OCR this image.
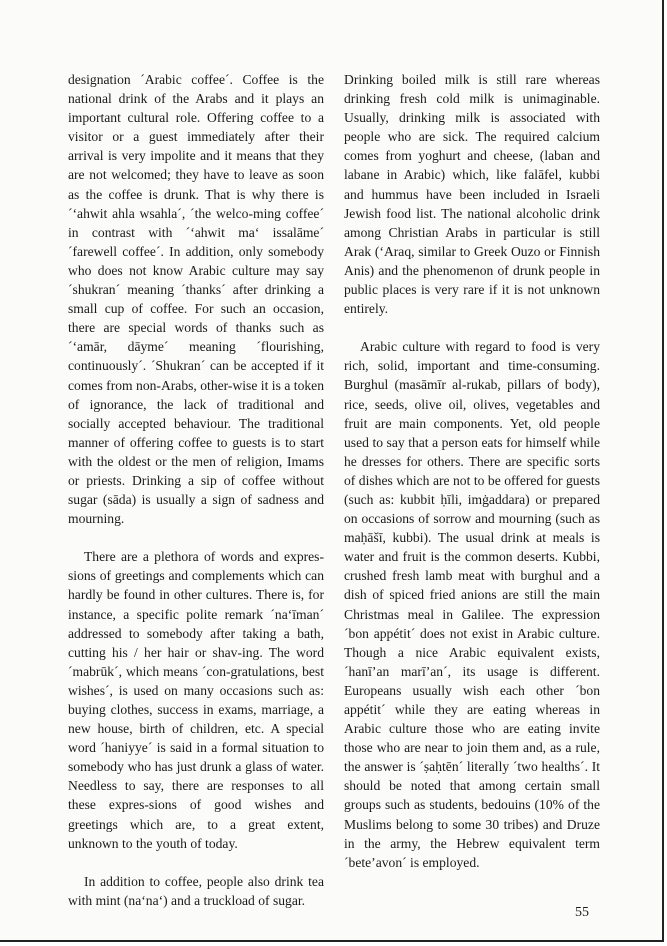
designation ´Arabic coffee´. Coffee is the national drink of the Arabs and it plays an important cultural role. Offering coffee to a visitor or a guest immediately after their arrival is very impolite and it means that they are not welcomed; they have to leave as soon as the coffee is drunk. That is why there is ´‘ahwit ahla wsahla´, ´the welco-ming coffee´ in contrast with ´‘ahwit ma‘ issalāme´ ´farewell coffee´. In addition, only somebody who does not know Arabic culture may say ´shukran´ meaning ´thanks´ after drinking a small cup of coffee. For such an occasion, there are special words of thanks such as ´‘amār, dāyme´ meaning ´flourishing, continuously´. ´Shukran´ can be accepted if it comes from non-Arabs, other-wise it is a token of ignorance, the lack of traditional and socially accepted behaviour. The traditional manner of offering coffee to guests is to start with the oldest or the men of religion, Imams or priests. Drinking a sip of coffee without sugar (sāda) is usually a sign of sadness and mourning.

There are a plethora of words and expres-sions of greetings and complements which can hardly be found in other cultures. There is, for instance, a specific polite remark ´na‘īman´ addressed to somebody after taking a bath, cutting his / her hair or shav-ing. The word ´mabrūk´, which means ´con-gratulations, best wishes´, is used on many occasions such as: buying clothes, success in exams, marriage, a new house, birth of children, etc. A special word ´haniyye´ is said in a formal situation to somebody who has just drunk a glass of water. Needless to say, there are responses to all these expres-sions of good wishes and greetings which are, to a great extent, unknown to the youth of today.

In addition to coffee, people also drink tea with mint (na‘na‘) and a truckload of sugar.

Drinking boiled milk is still rare whereas drinking fresh cold milk is unimaginable. Usually, drinking milk is associated with people who are sick. The required calcium comes from yoghurt and cheese, (laban and labane in Arabic) which, like falāfel, kubbi and hummus have been included in Israeli Jewish food list. The national alcoholic drink among Christian Arabs in particular is still Arak (‘Araq, similar to Greek Ouzo or Finnish Anis) and the phenomenon of drunk people in public places is very rare if it is not unknown entirely.

Arabic culture with regard to food is very rich, solid, important and time-consuming. Burghul (masāmīr al-rukab, pillars of body), rice, seeds, olive oil, olives, vegetables and fruit are main components. Yet, old people used to say that a person eats for himself while he dresses for others. There are specific sorts of dishes which are not to be offered for guests (such as: kubbit ḥīli, imġaddara) or prepared on occasions of sorrow and mourning (such as maḥāšī, kubbi). The usual drink at meals is water and fruit is the common deserts. Kubbi, crushed fresh lamb meat with burghul and a dish of spiced fried anions are still the main Christmas meal in Galilee. The expression ´bon appétit´ does not exist in Arabic culture. Though a nice Arabic equivalent exists, ´hanī’an marī’an´, its usage is different. Europeans usually wish each other ´bon appétit´ while they are eating whereas in Arabic culture those who are eating invite those who are near to join them and, as a rule, the answer is ´ṣaḥtēn´ literally ´two healths´. It should be noted that among certain small groups such as students, bedouins (10% of the Muslims belong to some 30 tribes) and Druze in the army, the Hebrew equivalent term ´bete’avon´ is employed.

55
